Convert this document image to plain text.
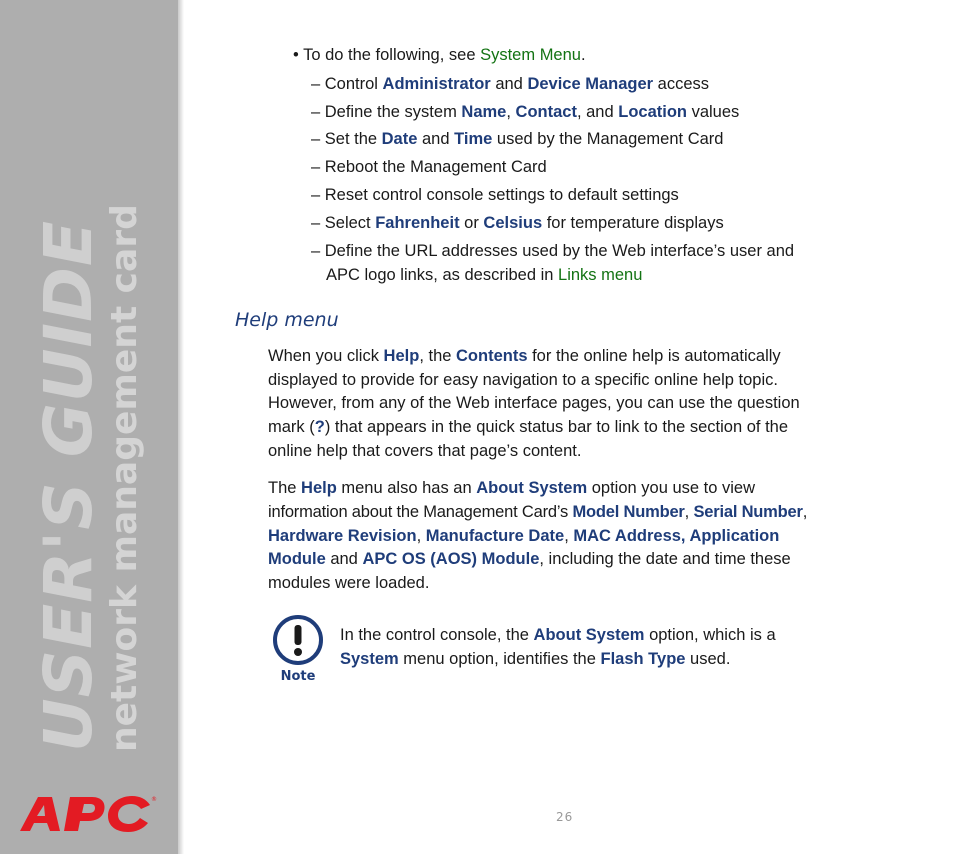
USER'S GUIDE
network management card
®
• To do the following, see System Menu.
– Control Administrator and Device Manager access
– Define the system Name, Contact, and Location values
– Set the Date and Time used by the Management Card
– Reboot the Management Card
– Reset control console settings to default settings
– Select Fahrenheit or Celsius for temperature displays
– Define the URL addresses used by the Web interface’s user and
APC logo links, as described in Links menu
Help menu
When you click Help, the Contents for the online help is automatically
displayed to provide for easy navigation to a specific online help topic.
However, from any of the Web interface pages, you can use the question
mark (?) that appears in the quick status bar to link to the section of the
online help that covers that page’s content.
The Help menu also has an About System option you use to view
information about the Management Card’s Model Number, Serial Number,
Hardware Revision, Manufacture Date, MAC Address, Application
Module and APC OS (AOS) Module, including the date and time these
modules were loaded.
Note
In the control console, the About System option, which is a
System menu option, identifies the Flash Type used.
26
